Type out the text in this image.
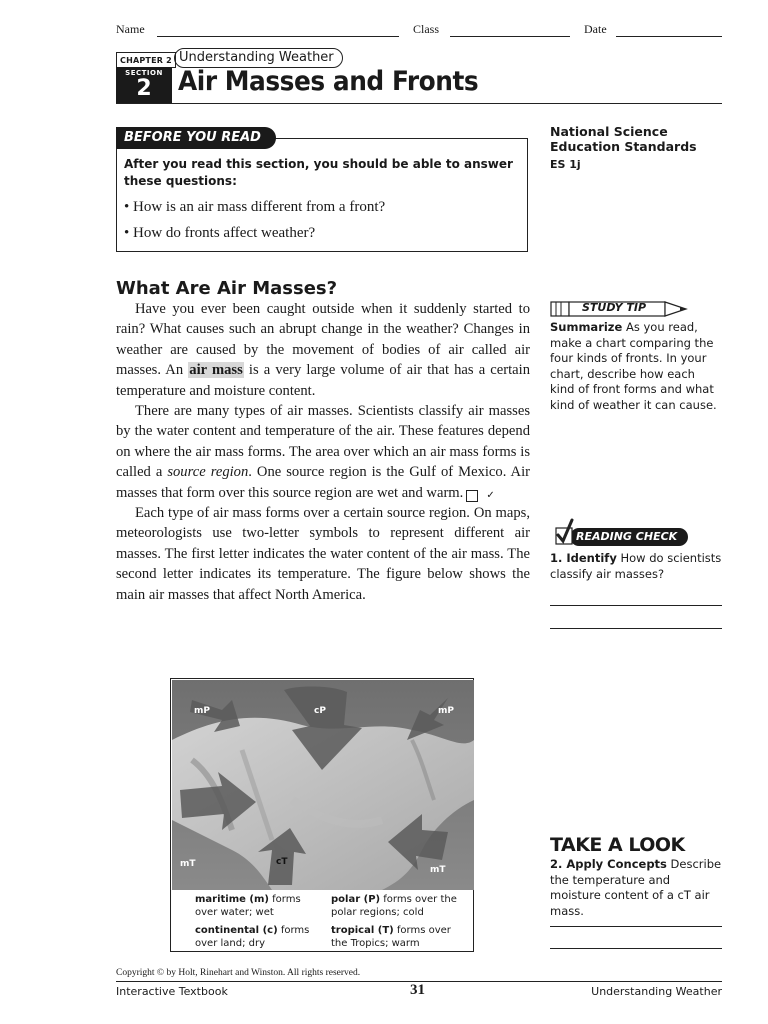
Name	Class	Date
CHAPTER 2 Understanding Weather
SECTION
2 Air Masses and Fronts
BEFORE YOU READ
After you read this section, you should be able to answer these questions:
• How is an air mass different from a front?
• How do fronts affect weather?
National Science Education Standards
ES 1j
What Are Air Masses?

Have you ever been caught outside when it suddenly started to rain? What causes such an abrupt change in the weather? Changes in weather are caused by the movement of bodies of air called air masses. An air mass is a very large volume of air that has a certain temperature and moisture content.

There are many types of air masses. Scientists classify air masses by the water content and temperature of the air. These features depend on where the air mass forms. The area over which an air mass forms is called a source region. One source region is the Gulf of Mexico. Air masses that form over this source region are wet and warm. ✓

Each type of air mass forms over a certain source region. On maps, meteorologists use two-letter symbols to represent different air masses. The first letter indicates the water content of the air mass. The second letter indicates its temperature. The figure below shows the main air masses that affect North America.

STUDY TIP
Summarize As you read, make a chart comparing the four kinds of fronts. In your chart, describe how each kind of front forms and what kind of weather it can cause.
READING CHECK
1. Identify How do scientists classify air masses?
TAKE A LOOK
2. Apply Concepts Describe the temperature and moisture content of a cT air mass.
mP	cP	mP
mT	cT
mT
maritime (m) forms over water; wet
polar (P) forms over the polar regions; cold
continental (c) forms over land; dry
tropical (T) forms over the Tropics; warm
Copyright © by Holt, Rinehart and Winston. All rights reserved.
Interactive Textbook	31	Understanding Weather
